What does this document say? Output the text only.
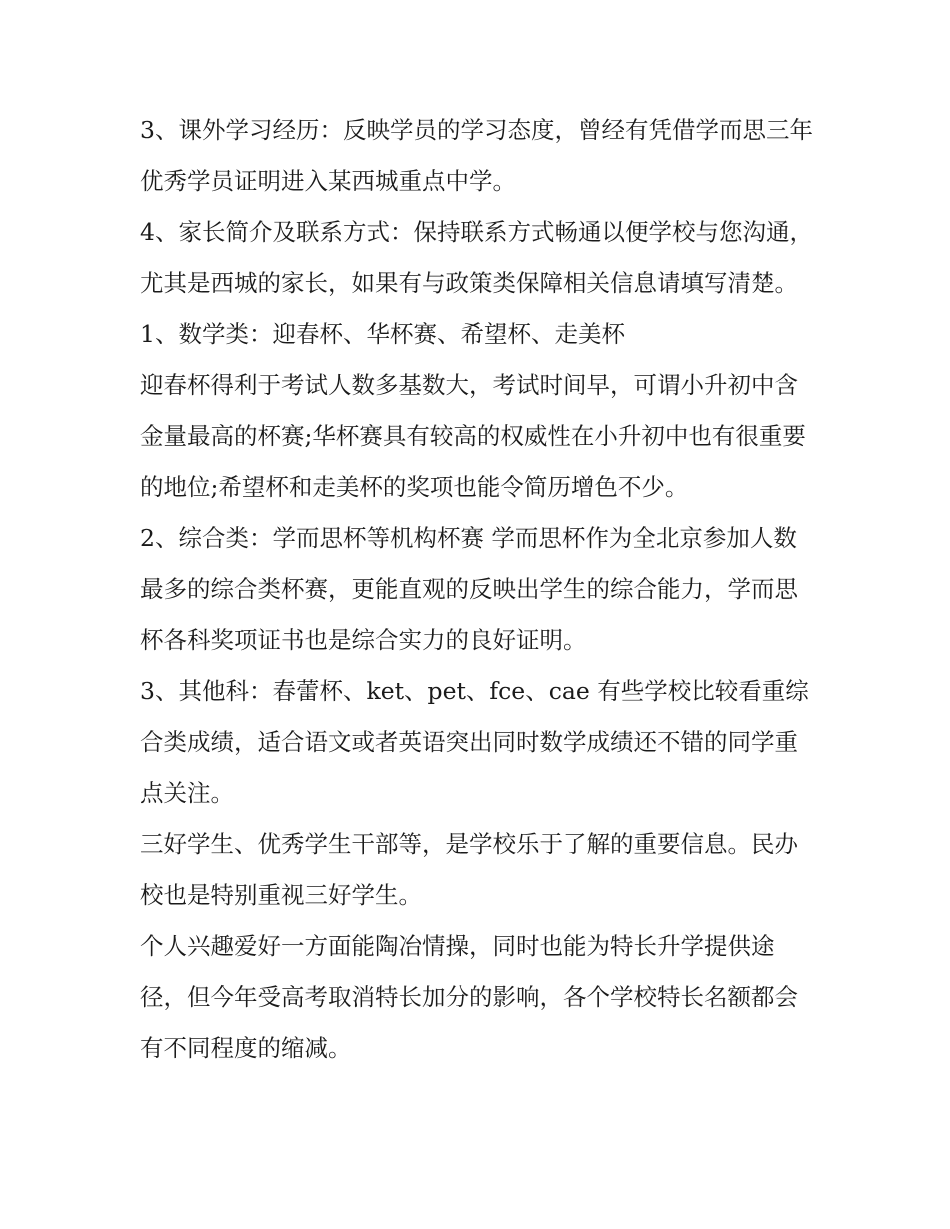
3、课外学习经历：反映学员的学习态度，曾经有凭借学而思三年优秀学员证明进入某西城重点中学。

4、家长简介及联系方式：保持联系方式畅通以便学校与您沟通，尤其是西城的家长，如果有与政策类保障相关信息请填写清楚。

1、数学类：迎春杯、华杯赛、希望杯、走美杯

迎春杯得利于考试人数多基数大，考试时间早，可谓小升初中含金量最高的杯赛;华杯赛具有较高的权威性在小升初中也有很重要的地位;希望杯和走美杯的奖项也能令简历增色不少。

2、综合类：学而思杯等机构杯赛 学而思杯作为全北京参加人数最多的综合类杯赛，更能直观的反映出学生的综合能力，学而思杯各科奖项证书也是综合实力的良好证明。

3、其他科：春蕾杯、ket、pet、fce、cae 有些学校比较看重综合类成绩，适合语文或者英语突出同时数学成绩还不错的同学重点关注。

三好学生、优秀学生干部等，是学校乐于了解的重要信息。民办校也是特别重视三好学生。

个人兴趣爱好一方面能陶冶情操，同时也能为特长升学提供途径，但今年受高考取消特长加分的影响，各个学校特长名额都会有不同程度的缩减。
